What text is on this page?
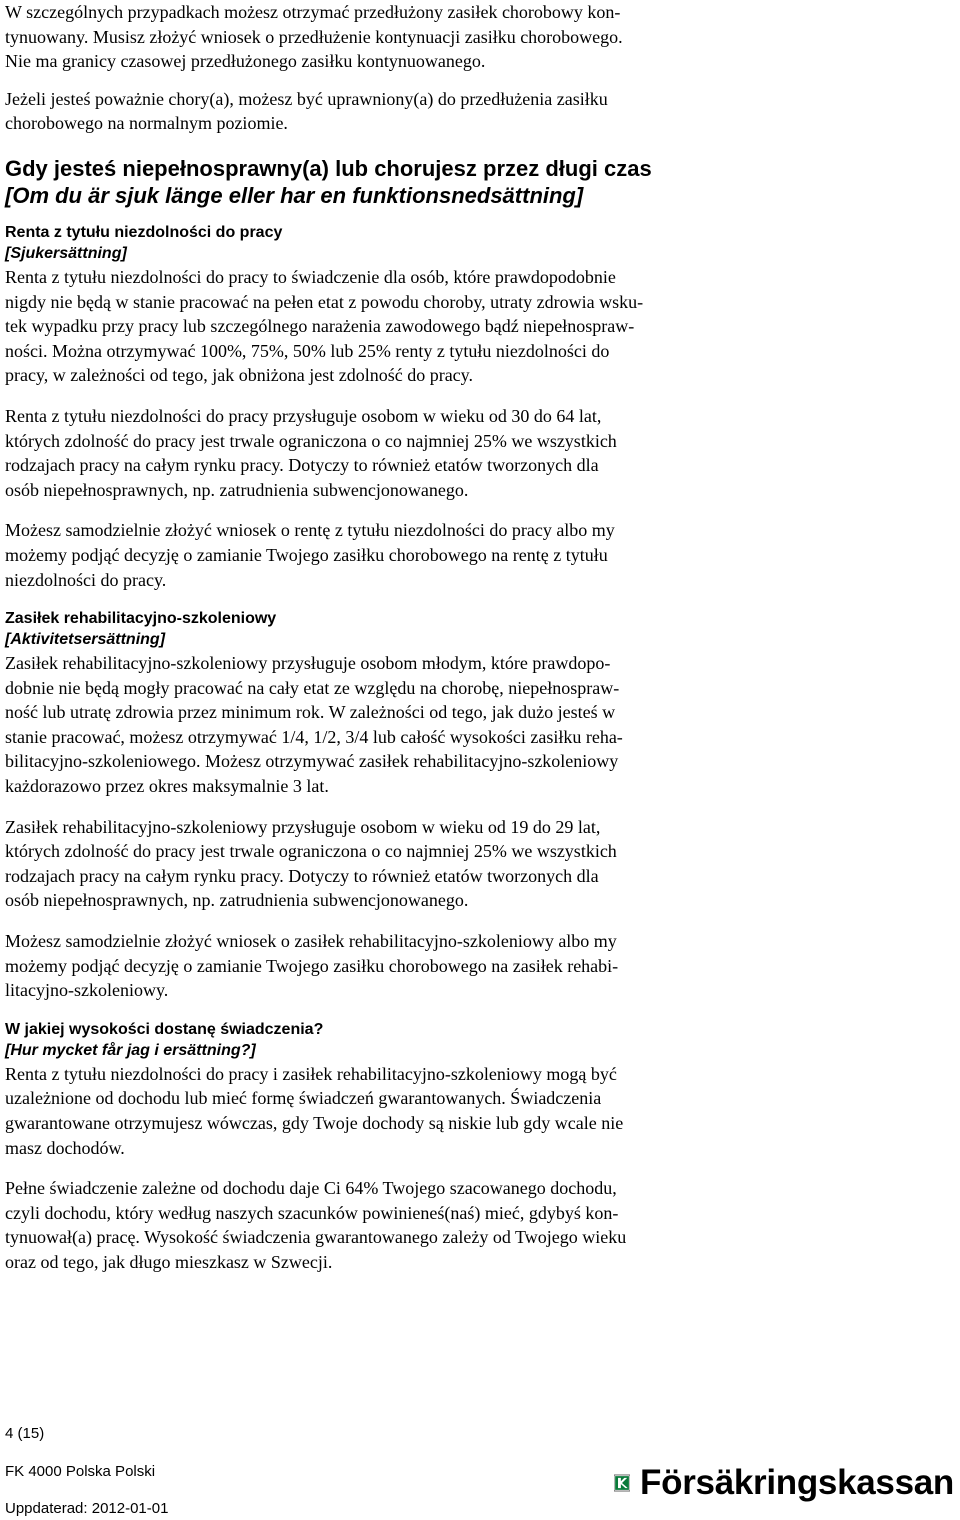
W szczególnych przypadkach możesz otrzymać przedłużony zasiłek chorobowy kon-
tynuowany. Musisz złożyć wniosek o przedłużenie kontynuacji zasiłku chorobowego.
Nie ma granicy czasowej przedłużonego zasiłku kontynuowanego.

Jeżeli jesteś poważnie chory(a), możesz być uprawniony(a) do przedłużenia zasiłku
chorobowego na normalnym poziomie.

Gdy jesteś niepełnosprawny(a) lub chorujesz przez długi czas

[Om du är sjuk länge eller har en funktionsnedsättning]

Renta z tytułu niezdolności do pracy

[Sjukersättning]

Renta z tytułu niezdolności do pracy to świadczenie dla osób, które prawdopodobnie
nigdy nie będą w stanie pracować na pełen etat z powodu choroby, utraty zdrowia wsku-
tek wypadku przy pracy lub szczególnego narażenia zawodowego bądź niepełnospraw-
ności. Można otrzymywać 100%, 75%, 50% lub 25% renty z tytułu niezdolności do
pracy, w zależności od tego, jak obniżona jest zdolność do pracy.

Renta z tytułu niezdolności do pracy przysługuje osobom w wieku od 30 do 64 lat,
których zdolność do pracy jest trwale ograniczona o co najmniej 25% we wszystkich
rodzajach pracy na całym rynku pracy. Dotyczy to również etatów tworzonych dla
osób niepełnosprawnych, np. zatrudnienia subwencjonowanego.

Możesz samodzielnie złożyć wniosek o rentę z tytułu niezdolności do pracy albo my
możemy podjąć decyzję o zamianie Twojego zasiłku chorobowego na rentę z tytułu
niezdolności do pracy.

Zasiłek rehabilitacyjno-szkoleniowy

[Aktivitetsersättning]

Zasiłek rehabilitacyjno-szkoleniowy przysługuje osobom młodym, które prawdopo-
dobnie nie będą mogły pracować na cały etat ze względu na chorobę, niepełnospraw-
ność lub utratę zdrowia przez minimum rok. W zależności od tego, jak dużo jesteś w
stanie pracować, możesz otrzymywać 1/4, 1/2, 3/4 lub całość wysokości zasiłku reha-
bilitacyjno-szkoleniowego. Możesz otrzymywać zasiłek rehabilitacyjno-szkoleniowy
każdorazowo przez okres maksymalnie 3 lat.

Zasiłek rehabilitacyjno-szkoleniowy przysługuje osobom w wieku od 19 do 29 lat,
których zdolność do pracy jest trwale ograniczona o co najmniej 25% we wszystkich
rodzajach pracy na całym rynku pracy. Dotyczy to również etatów tworzonych dla
osób niepełnosprawnych, np. zatrudnienia subwencjonowanego.

Możesz samodzielnie złożyć wniosek o zasiłek rehabilitacyjno-szkoleniowy albo my
możemy podjąć decyzję o zamianie Twojego zasiłku chorobowego na zasiłek rehabi-
litacyjno-szkoleniowy.

W jakiej wysokości dostanę świadczenia?

[Hur mycket får jag i ersättning?]

Renta z tytułu niezdolności do pracy i zasiłek rehabilitacyjno-szkoleniowy mogą być
uzależnione od dochodu lub mieć formę świadczeń gwarantowanych. Świadczenia
gwarantowane otrzymujesz wówczas, gdy Twoje dochody są niskie lub gdy wcale nie
masz dochodów.

Pełne świadczenie zależne od dochodu daje Ci 64% Twojego szacowanego dochodu,
czyli dochodu, który według naszych szacunków powinieneś(naś) mieć, gdybyś kon-
tynuował(a) pracę. Wysokość świadczenia gwarantowanego zależy od Twojego wieku
oraz od tego, jak długo mieszkasz w Szwecji.

4 (15)

FK 4000 Polska Polski

Uppdaterad: 2012-01-01

Försäkringskassan
